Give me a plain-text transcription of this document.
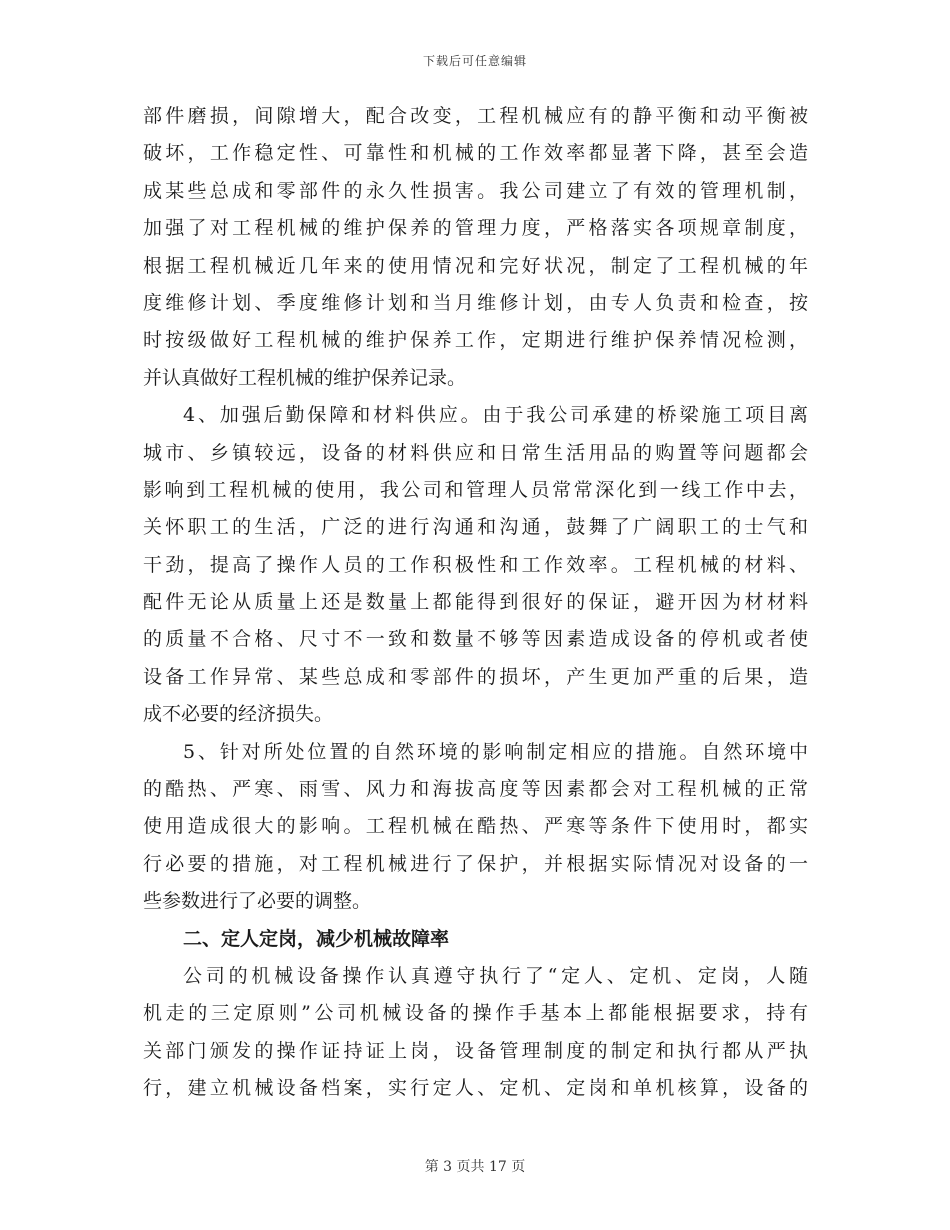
下载后可任意编辑
部件磨损，间隙增大，配合改变，工程机械应有的静平衡和动平衡被
破坏，工作稳定性、可靠性和机械的工作效率都显著下降，甚至会造
成某些总成和零部件的永久性损害。我公司建立了有效的管理机制，
加强了对工程机械的维护保养的管理力度，严格落实各项规章制度，
根据工程机械近几年来的使用情况和完好状况，制定了工程机械的年
度维修计划、季度维修计划和当月维修计划，由专人负责和检查，按
时按级做好工程机械的维护保养工作，定期进行维护保养情况检测，
并认真做好工程机械的维护保养记录。
4、加强后勤保障和材料供应。由于我公司承建的桥梁施工项目离
城市、乡镇较远，设备的材料供应和日常生活用品的购置等问题都会
影响到工程机械的使用，我公司和管理人员常常深化到一线工作中去，
关怀职工的生活，广泛的进行沟通和沟通，鼓舞了广阔职工的士气和
干劲，提高了操作人员的工作积极性和工作效率。工程机械的材料、
配件无论从质量上还是数量上都能得到很好的保证，避开因为材材料
的质量不合格、尺寸不一致和数量不够等因素造成设备的停机或者使
设备工作异常、某些总成和零部件的损坏，产生更加严重的后果，造
成不必要的经济损失。
5、针对所处位置的自然环境的影响制定相应的措施。自然环境中
的酷热、严寒、雨雪、风力和海拔高度等因素都会对工程机械的正常
使用造成很大的影响。工程机械在酷热、严寒等条件下使用时，都实
行必要的措施，对工程机械进行了保护，并根据实际情况对设备的一
些参数进行了必要的调整。
二、定人定岗，减少机械故障率
公司的机械设备操作认真遵守执行了“定人、定机、定岗，人随
机走的三定原则”公司机械设备的操作手基本上都能根据要求，持有
关部门颁发的操作证持证上岗，设备管理制度的制定和执行都从严执
行，建立机械设备档案，实行定人、定机、定岗和单机核算，设备的
第 3 页共 17 页
